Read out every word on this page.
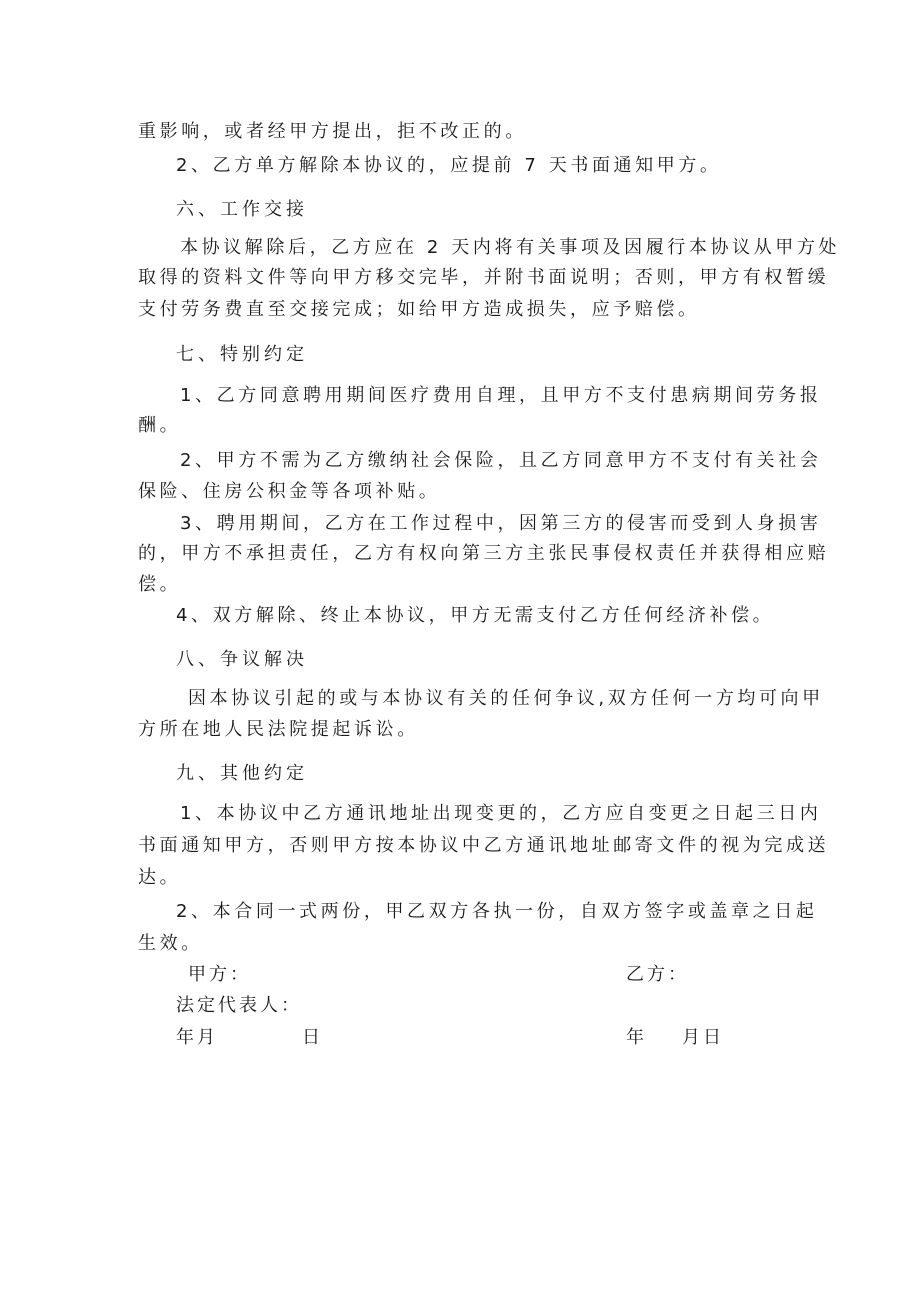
重影响，或者经甲方提出，拒不改正的。
2、乙方单方解除本协议的，应提前 7 天书面通知甲方。
六、工作交接
本协议解除后，乙方应在 2 天内将有关事项及因履行本协议从甲方处
取得的资料文件等向甲方移交完毕，并附书面说明；否则，甲方有权暂缓
支付劳务费直至交接完成；如给甲方造成损失，应予赔偿。
七、特别约定
1、乙方同意聘用期间医疗费用自理，且甲方不支付患病期间劳务报
酬。
2、甲方不需为乙方缴纳社会保险，且乙方同意甲方不支付有关社会
保险、住房公积金等各项补贴。
3、聘用期间，乙方在工作过程中，因第三方的侵害而受到人身损害
的，甲方不承担责任，乙方有权向第三方主张民事侵权责任并获得相应赔
偿。
4、双方解除、终止本协议，甲方无需支付乙方任何经济补偿。
八、争议解决
因本协议引起的或与本协议有关的任何争议,双方任何一方均可向甲
方所在地人民法院提起诉讼。
九、其他约定
1、本协议中乙方通讯地址出现变更的，乙方应自变更之日起三日内
书面通知甲方，否则甲方按本协议中乙方通讯地址邮寄文件的视为完成送
达。
2、本合同一式两份，甲乙双方各执一份，自双方签字或盖章之日起
生效。
甲方：	乙方：
法定代表人：
年月	日	年 月日
